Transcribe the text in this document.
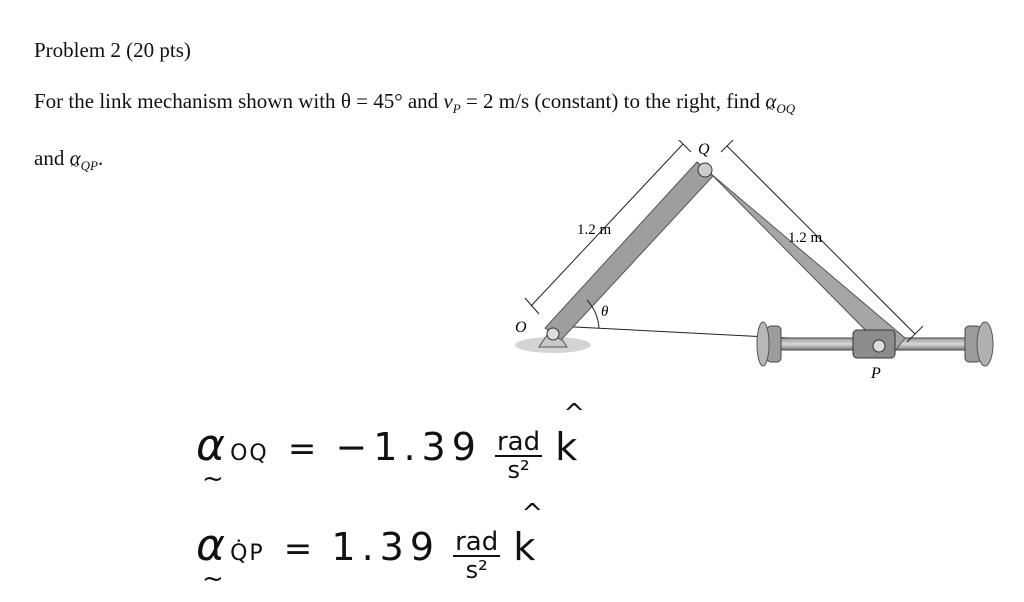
Problem 2 (20 pts)
For the link mechanism shown with θ = 45° and $v_P = 2$ m/s (constant) to the right, find α $\sim_{OQ}$
and α $\sim_{QP}$.	Q
O
P
θ
1.2 m	1.2 m
~
α OQ = $-1.39 \frac{\text{rad}}{\text{s²}}$ ^ k
~
α Q̇P = $1.39 \frac{\text{rad}}{\text{s²}}$ ^ k
